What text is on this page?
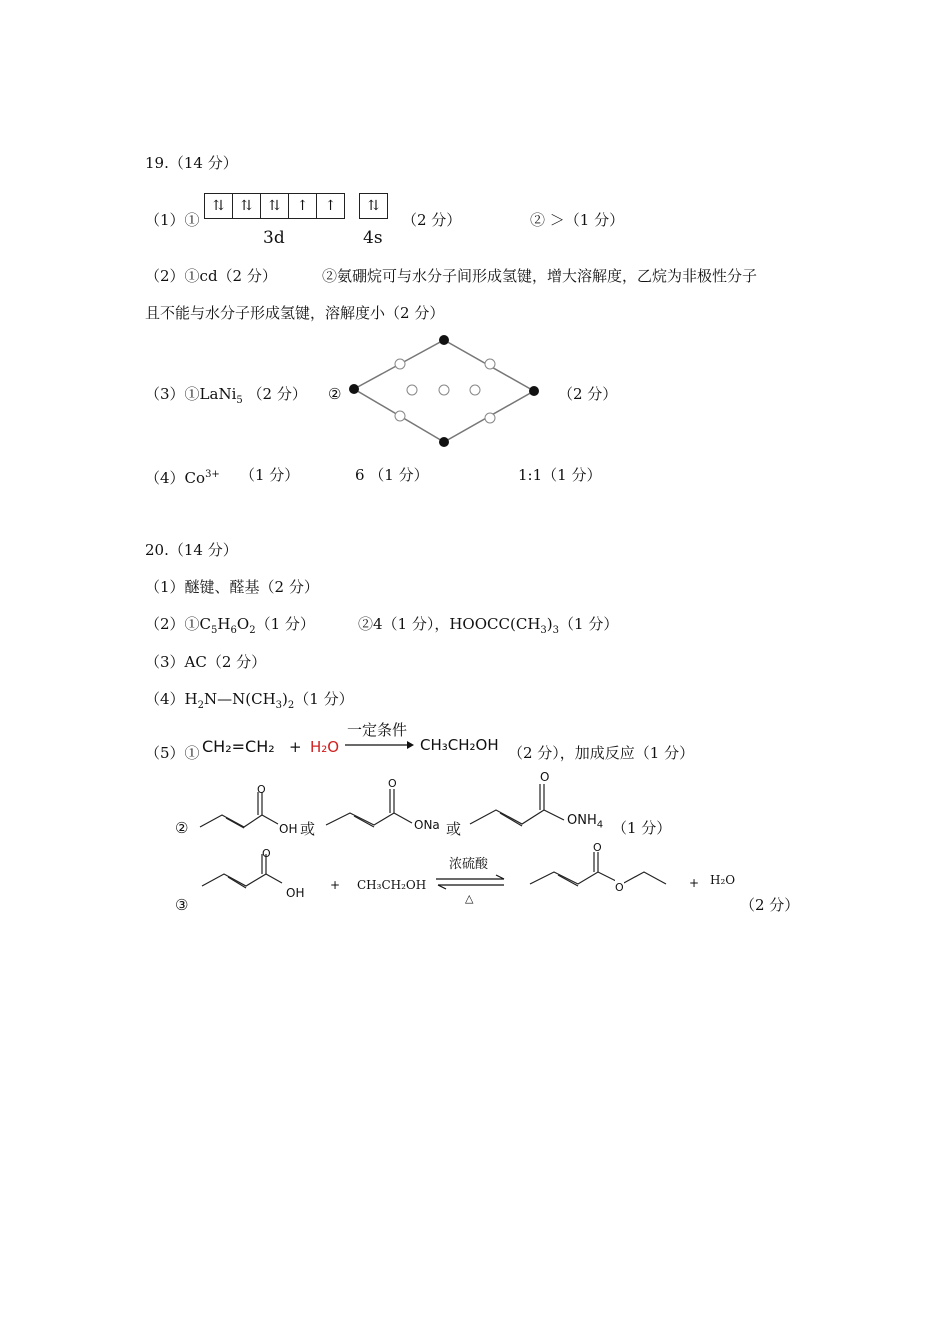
19.（14 分）
（1）①
⇅	⇅	⇅	↑	↑	⇅
3d	4s
（2 分）	② ＞（1 分）
（2）①cd（2 分）	②氨硼烷可与水分子间形成氢键，增大溶解度，乙烷为非极性分子
且不能与水分子形成氢键，溶解度小（2 分）
（3）①LaNi$_5$ （2 分） ②	（2 分）
$(4)Co^{3+}$ （1 分）	6 （1 分）	1:1（1 分）
20.（14 分）
（1）醚键、醛基（2 分）
$(2)①C_5H_6O_2(1$ 分）	②4（1 分），$HOOCC(CH_3)_3(1$ 分）
（3）AC（2 分）
$(4)H_2N—N(CH_3)_2(1$ 分）
（5）① CH₂=CH₂ + H₂O
一定条件
CH₃CH₂OH （2 分），加成反应（1 分）
②
O
OH 或
O
ONa 或
O
$ONH_4$ （1 分）
③
O
OH
+ CH₃CH₂OH
浓硫酸
△
O
O	+ H₂O
（2 分）
